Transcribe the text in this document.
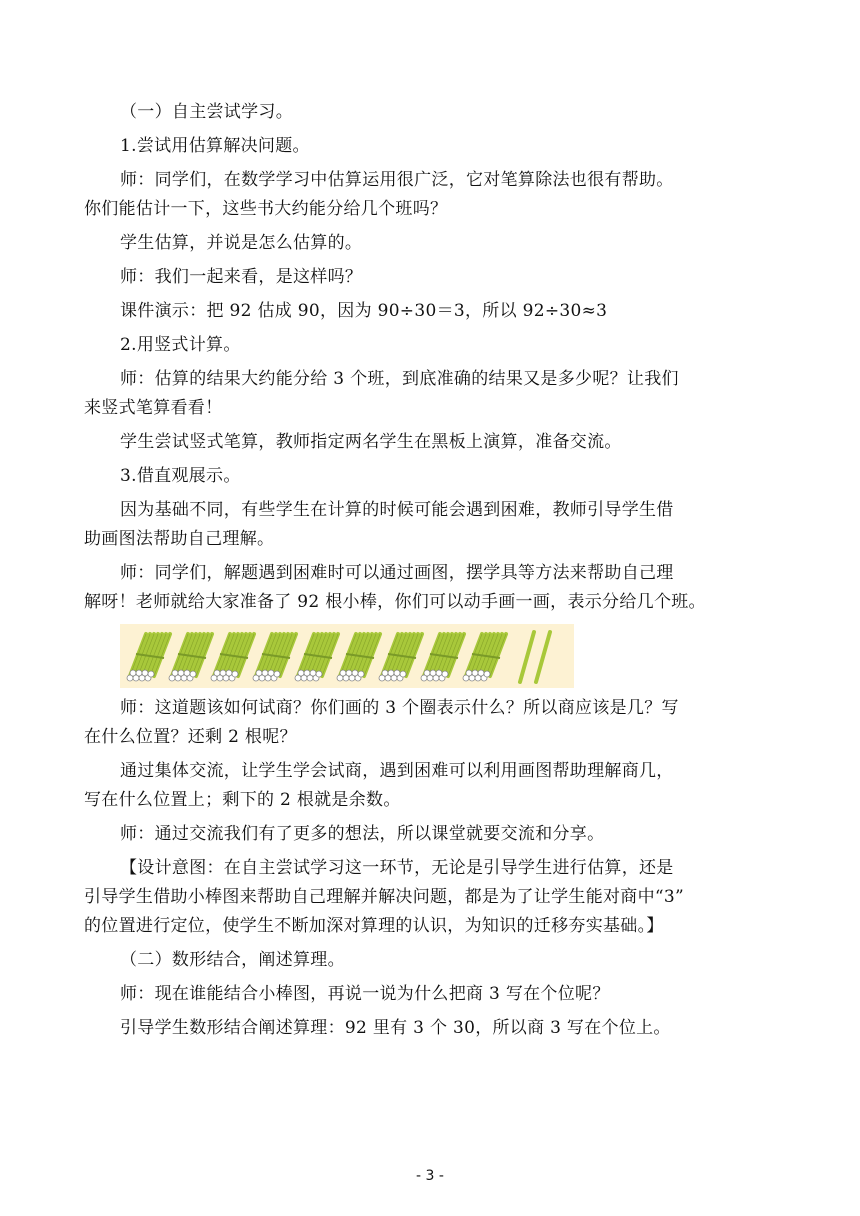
（一）自主尝试学习。

1.尝试用估算解决问题。

师：同学们，在数学学习中估算运用很广泛，它对笔算除法也很有帮助。

你们能估计一下，这些书大约能分给几个班吗？

学生估算，并说是怎么估算的。

师：我们一起来看，是这样吗？

课件演示：把 92 估成 90，因为 90÷30＝3，所以 92÷30≈3

2.用竖式计算。

师：估算的结果大约能分给 3 个班，到底准确的结果又是多少呢？让我们

来竖式笔算看看！

学生尝试竖式笔算，教师指定两名学生在黑板上演算，准备交流。

3.借直观展示。

因为基础不同，有些学生在计算的时候可能会遇到困难，教师引导学生借

助画图法帮助自己理解。

师：同学们，解题遇到困难时可以通过画图，摆学具等方法来帮助自己理

解呀！老师就给大家准备了 92 根小棒，你们可以动手画一画，表示分给几个班。

师：这道题该如何试商？你们画的 3 个圈表示什么？所以商应该是几？写

在什么位置？还剩 2 根呢？

通过集体交流，让学生学会试商，遇到困难可以利用画图帮助理解商几，

写在什么位置上；剩下的 2 根就是余数。

师：通过交流我们有了更多的想法，所以课堂就要交流和分享。

【设计意图：在自主尝试学习这一环节，无论是引导学生进行估算，还是

引导学生借助小棒图来帮助自己理解并解决问题，都是为了让学生能对商中“3”

的位置进行定位，使学生不断加深对算理的认识，为知识的迁移夯实基础。】

（二）数形结合，阐述算理。

师：现在谁能结合小棒图，再说一说为什么把商 3 写在个位呢？

引导学生数形结合阐述算理：92 里有 3 个 30，所以商 3 写在个位上。

- 3 -
